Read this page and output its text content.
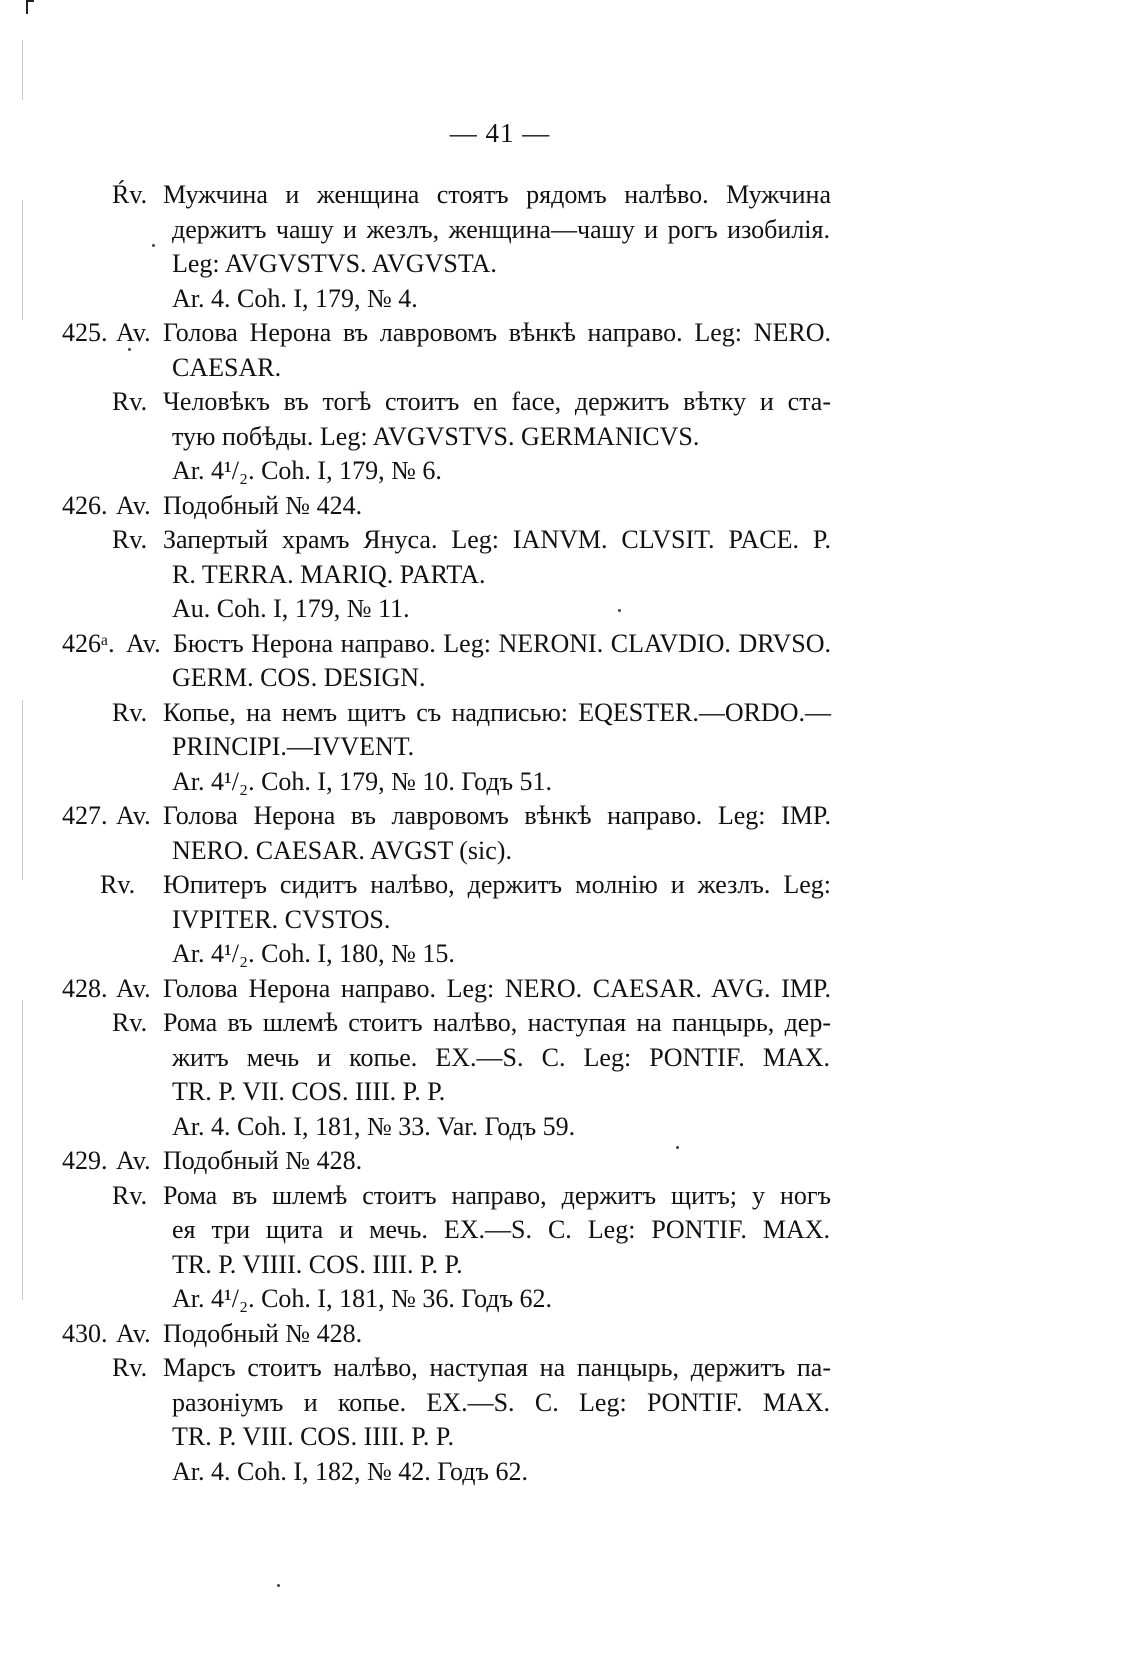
— 41 —
Ŕv. Мужчина и женщина стоятъ рядомъ налѣво. Мужчина
держитъ чашу и жезлъ, женщина—чашу и рогъ изобилія.
Leg: AVGVSTVS. AVGVSTA.
Ar. 4. Coh. I, 179, № 4.
425. Av. Голова Нерона въ лавровомъ вѣнкѣ направо. Leg: NERO.
CAESAR.
Rv. Человѣкъ въ тогѣ стоитъ en face, держитъ вѣтку и ста-
тую побѣды. Leg: AVGVSTVS. GERMANICVS.
Ar. 4¹/₂. Coh. I, 179, № 6.
426. Av. Подобный № 424.
Rv. Запертый храмъ Януса. Leg: IANVM. CLVSIT. PACE. P.
R. TERRA. MARIQ. PARTA.
Au. Coh. I, 179, № 11.
426ᵃ. Av. Бюстъ Нерона направо. Leg: NERONI. CLAVDIO. DRVSO.
GERM. COS. DESIGN.
Rv. Копье, на немъ щитъ съ надписью: EQESTER.—ORDO.—
PRINCIPI.—IVVENT.
Ar. 4¹/₂. Coh. I, 179, № 10. Годъ 51.
427. Av. Голова Нерона въ лавровомъ вѣнкѣ направо. Leg: IMP.
NERO. CAESAR. AVGST (sic).
Rv. Юпитеръ сидитъ налѣво, держитъ молнію и жезлъ. Leg:
IVPITER. CVSTOS.
Ar. 4¹/₂. Coh. I, 180, № 15.
428. Av. Голова Нерона направо. Leg: NERO. CAESAR. AVG. IMP.
Rv. Рома въ шлемѣ стоитъ налѣво, наступая на панцырь, дер-
житъ мечь и копье. EX.—S. C. Leg: PONTIF. MAX.
TR. P. VII. COS. IIII. P. P.
Ar. 4. Coh. I, 181, № 33. Var. Годъ 59.
429. Av. Подобный № 428.
Rv. Рома въ шлемѣ стоитъ направо, держитъ щитъ; у ногъ
ея три щита и мечь. EX.—S. C. Leg: PONTIF. MAX.
TR. P. VIIII. COS. IIII. P. P.
Ar. 4¹/₂. Coh. I, 181, № 36. Годъ 62.
430. Av. Подобный № 428.
Rv. Марсъ стоитъ налѣво, наступая на панцырь, держитъ па-
разоніумъ и копье. EX.—S. C. Leg: PONTIF. MAX.
TR. P. VIII. COS. IIII. P. P.
Ar. 4. Coh. I, 182, № 42. Годъ 62.
